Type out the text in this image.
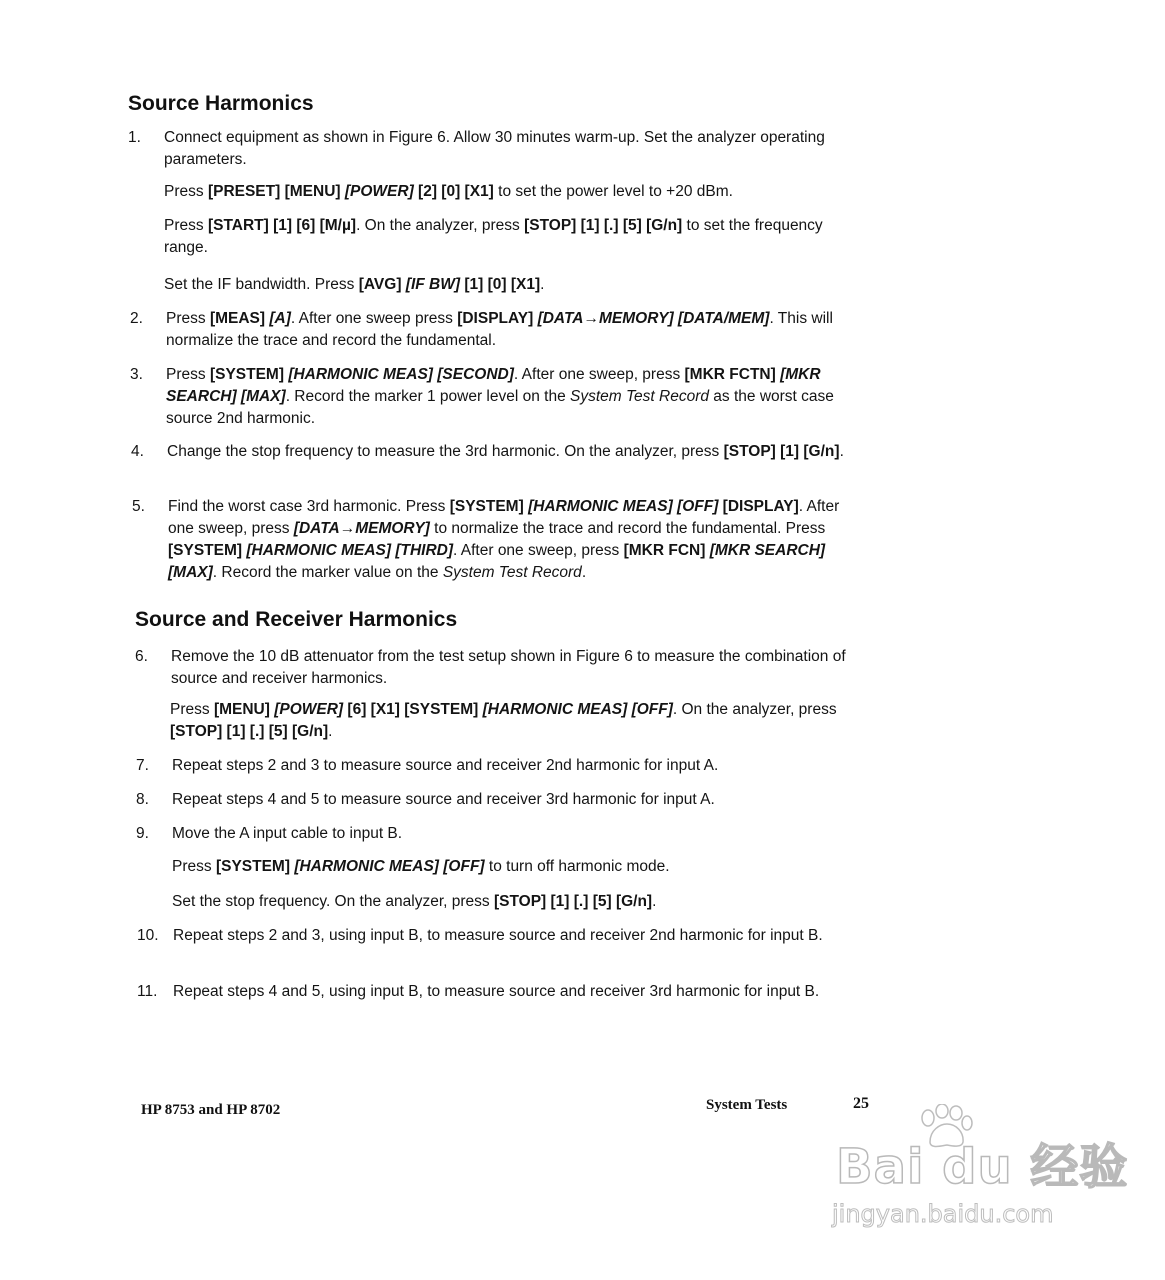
Source Harmonics
1. Connect equipment as shown in Figure 6. Allow 30 minutes warm-up. Set the analyzer operating parameters.
Press [PRESET] [MENU] [POWER] [2] [0] [X1] to set the power level to +20 dBm.
Press [START] [1] [6] [M/µ]. On the analyzer, press [STOP] [1] [.] [5] [G/n] to set the frequency range.
Set the IF bandwidth. Press [AVG] [IF BW] [1] [0] [X1].
2. Press [MEAS] [A]. After one sweep press [DISPLAY] [DATA→MEMORY] [DATA/MEM]. This will normalize the trace and record the fundamental.
3. Press [SYSTEM] [HARMONIC MEAS] [SECOND]. After one sweep, press [MKR FCTN] [MKR SEARCH] [MAX]. Record the marker 1 power level on the System Test Record as the worst case source 2nd harmonic.
4. Change the stop frequency to measure the 3rd harmonic. On the analyzer, press [STOP] [1] [G/n].
5. Find the worst case 3rd harmonic. Press [SYSTEM] [HARMONIC MEAS] [OFF] [DISPLAY]. After one sweep, press [DATA→MEMORY] to normalize the trace and record the fundamental. Press [SYSTEM] [HARMONIC MEAS] [THIRD]. After one sweep, press [MKR FCN] [MKR SEARCH] [MAX]. Record the marker value on the System Test Record.
Source and Receiver Harmonics
6. Remove the 10 dB attenuator from the test setup shown in Figure 6 to measure the combination of source and receiver harmonics.
Press [MENU] [POWER] [6] [X1] [SYSTEM] [HARMONIC MEAS] [OFF]. On the analyzer, press [STOP] [1] [.] [5] [G/n].
7. Repeat steps 2 and 3 to measure source and receiver 2nd harmonic for input A.
8. Repeat steps 4 and 5 to measure source and receiver 3rd harmonic for input A.
9. Move the A input cable to input B.
Press [SYSTEM] [HARMONIC MEAS] [OFF] to turn off harmonic mode.
Set the stop frequency. On the analyzer, press [STOP] [1] [.] [5] [G/n].
10. Repeat steps 2 and 3, using input B, to measure source and receiver 2nd harmonic for input B.
11. Repeat steps 4 and 5, using input B, to measure source and receiver 3rd harmonic for input B.
HP 8753 and HP 8702	System Tests	25
Bai du 经验
jingyan.baidu.com
